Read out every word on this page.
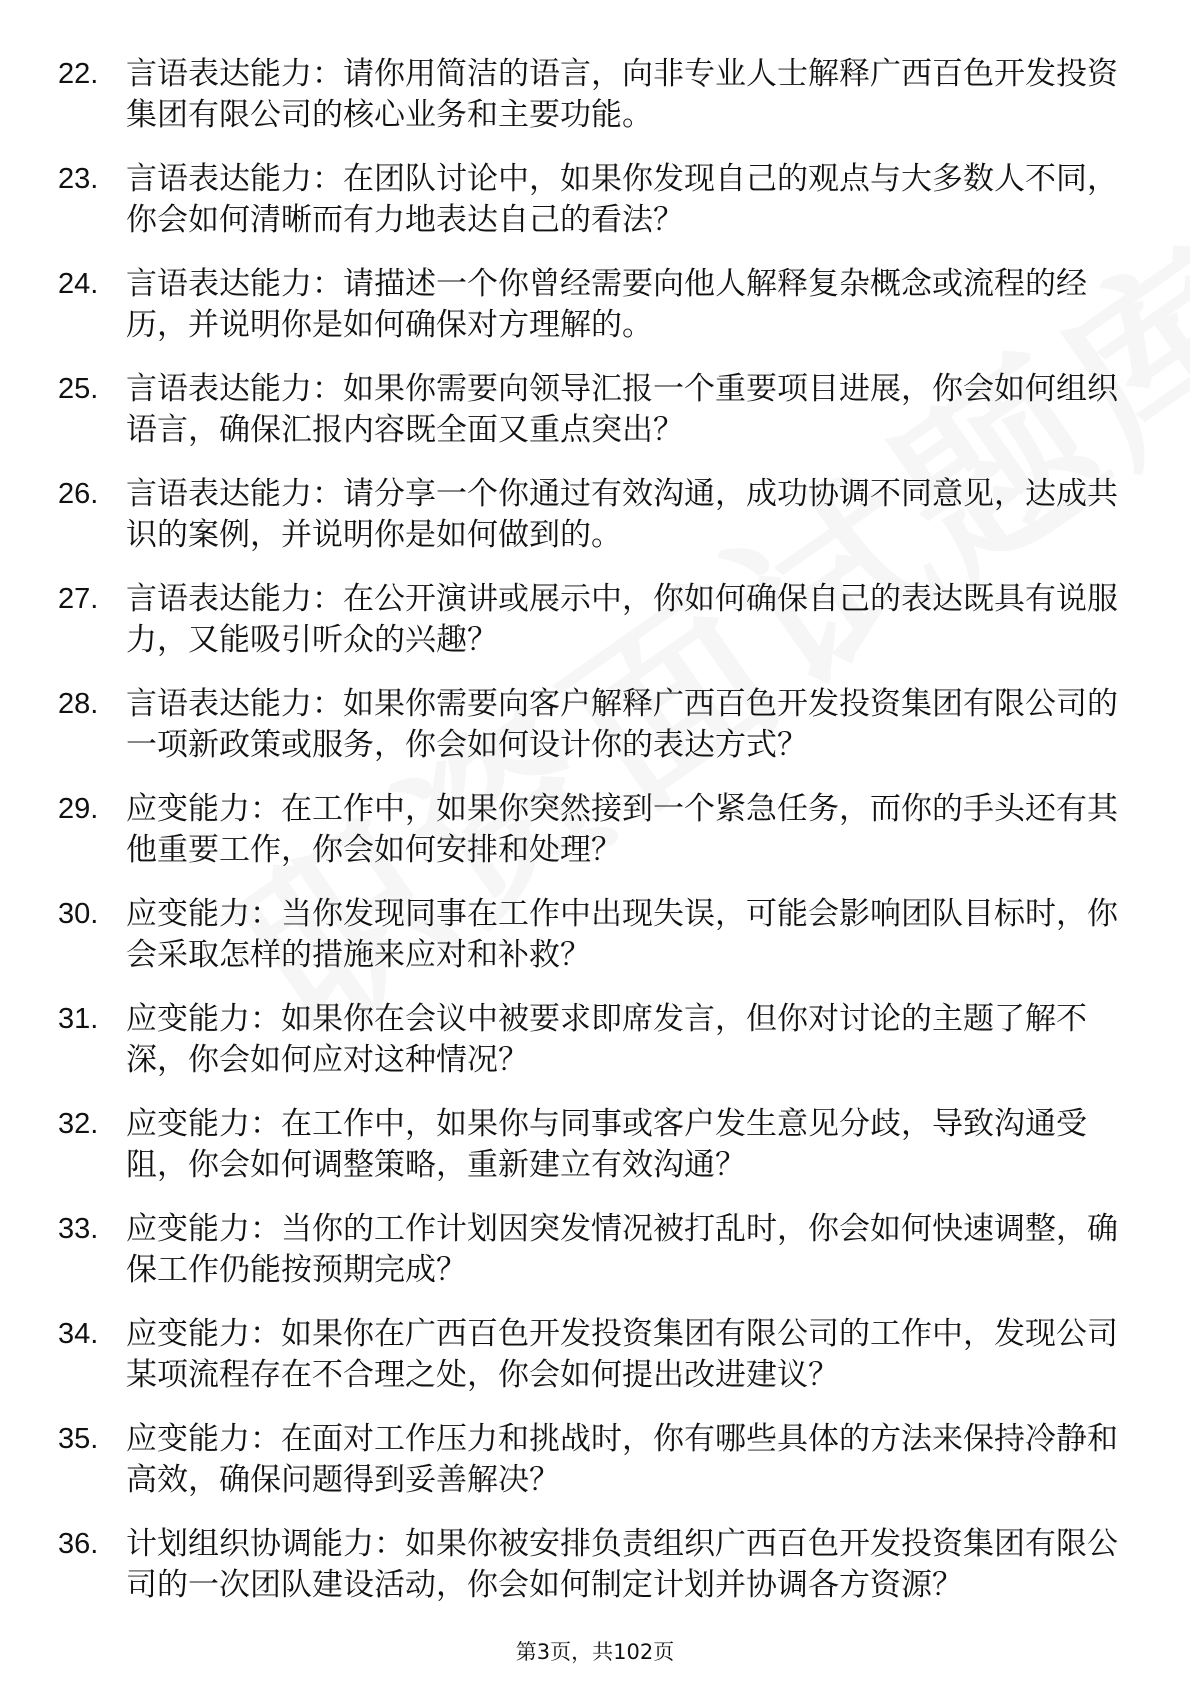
22. 言语表达能力：请你用简洁的语言，向非专业人士解释广西百色开发投资集团有限公司的核心业务和主要功能。
23. 言语表达能力：在团队讨论中，如果你发现自己的观点与大多数人不同，你会如何清晰而有力地表达自己的看法？
24. 言语表达能力：请描述一个你曾经需要向他人解释复杂概念或流程的经历，并说明你是如何确保对方理解的。
25. 言语表达能力：如果你需要向领导汇报一个重要项目进展，你会如何组织语言，确保汇报内容既全面又重点突出？
26. 言语表达能力：请分享一个你通过有效沟通，成功协调不同意见，达成共识的案例，并说明你是如何做到的。
27. 言语表达能力：在公开演讲或展示中，你如何确保自己的表达既具有说服力，又能吸引听众的兴趣？
28. 言语表达能力：如果你需要向客户解释广西百色开发投资集团有限公司的一项新政策或服务，你会如何设计你的表达方式？
29. 应变能力：在工作中，如果你突然接到一个紧急任务，而你的手头还有其他重要工作，你会如何安排和处理？
30. 应变能力：当你发现同事在工作中出现失误，可能会影响团队目标时，你会采取怎样的措施来应对和补救？
31. 应变能力：如果你在会议中被要求即席发言，但你对讨论的主题了解不深，你会如何应对这种情况？
32. 应变能力：在工作中，如果你与同事或客户发生意见分歧，导致沟通受阻，你会如何调整策略，重新建立有效沟通？
33. 应变能力：当你的工作计划因突发情况被打乱时，你会如何快速调整，确保工作仍能按预期完成？
34. 应变能力：如果你在广西百色开发投资集团有限公司的工作中，发现公司某项流程存在不合理之处，你会如何提出改进建议？
35. 应变能力：在面对工作压力和挑战时，你有哪些具体的方法来保持冷静和高效，确保问题得到妥善解决？
36. 计划组织协调能力：如果你被安排负责组织广西百色开发投资集团有限公司的一次团队建设活动，你会如何制定计划并协调各方资源？
第3页，共102页
